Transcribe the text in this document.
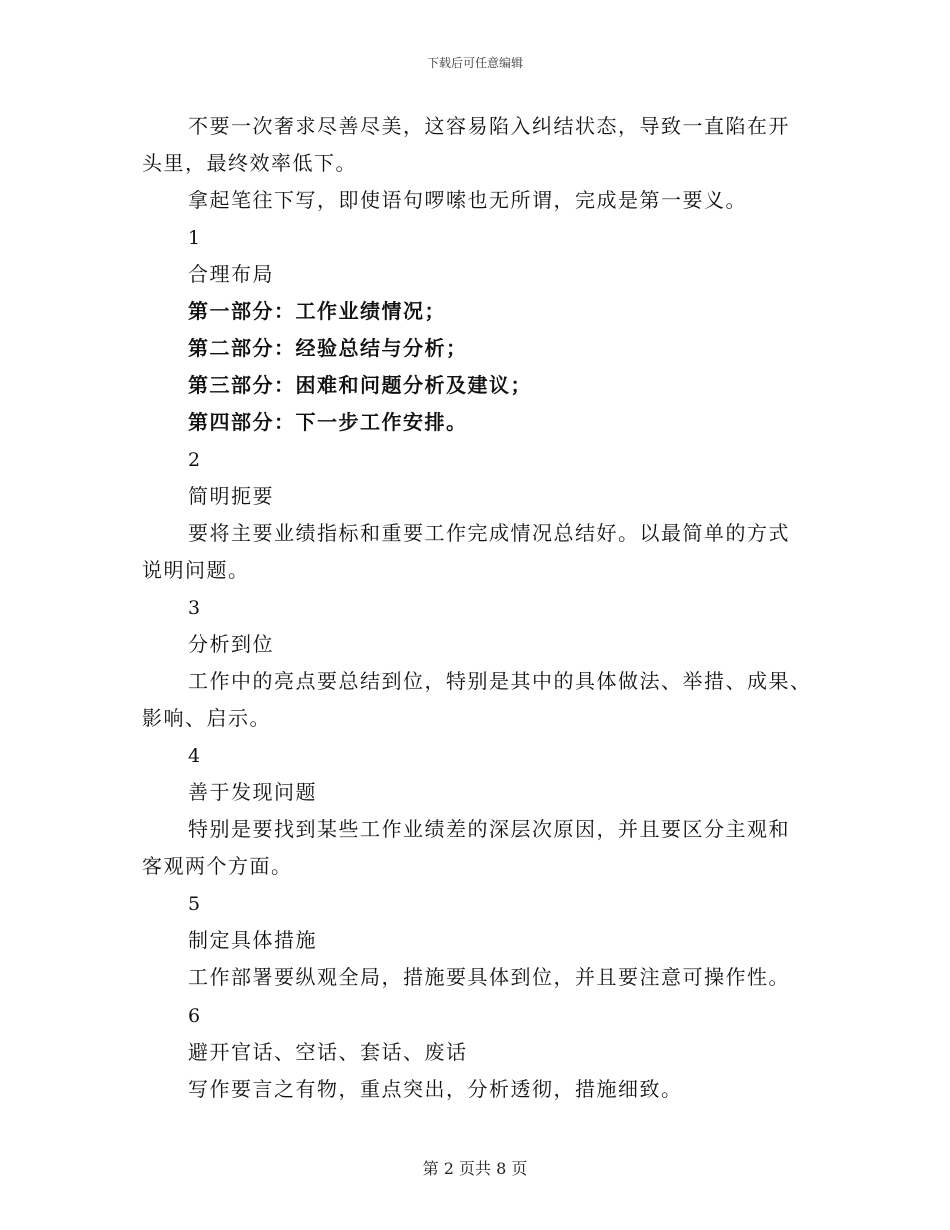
下载后可任意编辑
不要一次奢求尽善尽美，这容易陷入纠结状态，导致一直陷在开
头里，最终效率低下。
拿起笔往下写，即使语句啰嗦也无所谓，完成是第一要义。
1
合理布局
第一部分：工作业绩情况；
第二部分：经验总结与分析；
第三部分：困难和问题分析及建议；
第四部分：下一步工作安排。
2
简明扼要
要将主要业绩指标和重要工作完成情况总结好。以最简单的方式
说明问题。
3
分析到位
工作中的亮点要总结到位，特别是其中的具体做法、举措、成果、
影响、启示。
4
善于发现问题
特别是要找到某些工作业绩差的深层次原因，并且要区分主观和
客观两个方面。
5
制定具体措施
工作部署要纵观全局，措施要具体到位，并且要注意可操作性。
6
避开官话、空话、套话、废话
写作要言之有物，重点突出，分析透彻，措施细致。
第 2 页共 8 页
